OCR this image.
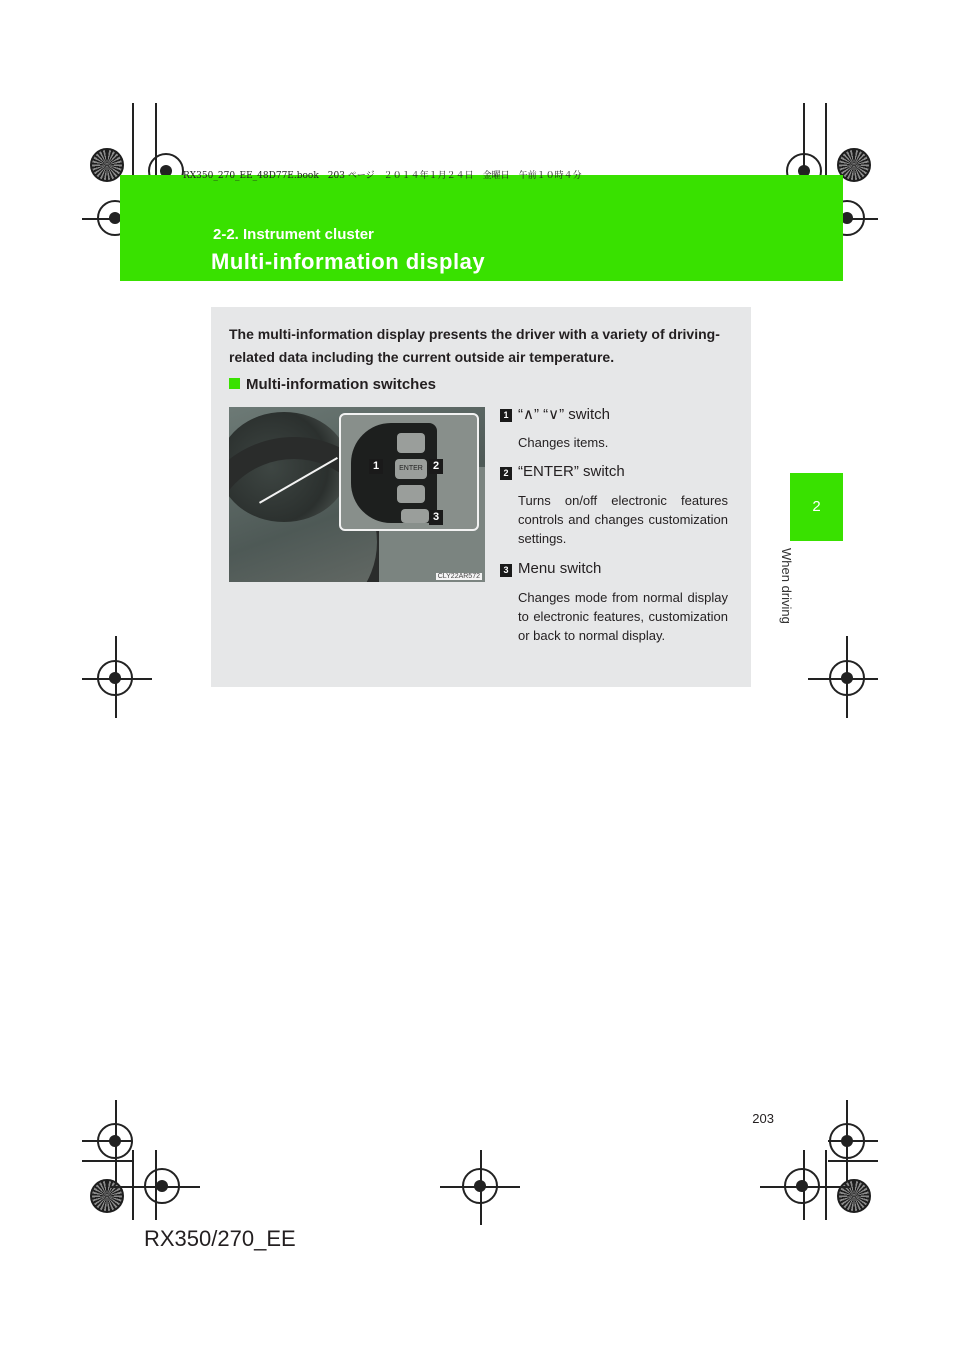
RX350_270_EE_48D77E.book　203 ページ　２０１４年１月２４日　金曜日　午前１０時４分
2-2. Instrument cluster
Multi-information display
2
When driving
The multi-information display presents the driver with a variety of driving-related data including the current outside air temperature.
Multi-information switches
ENTER
1	2
3
CLY22AR572
1 “∧” “∨” switch
Changes items.
2 “ENTER” switch
Turns on/off electronic features controls and changes customization settings.
3 Menu switch
Changes mode from normal display to electronic features, customization or back to normal display.
203
RX350/270_EE
